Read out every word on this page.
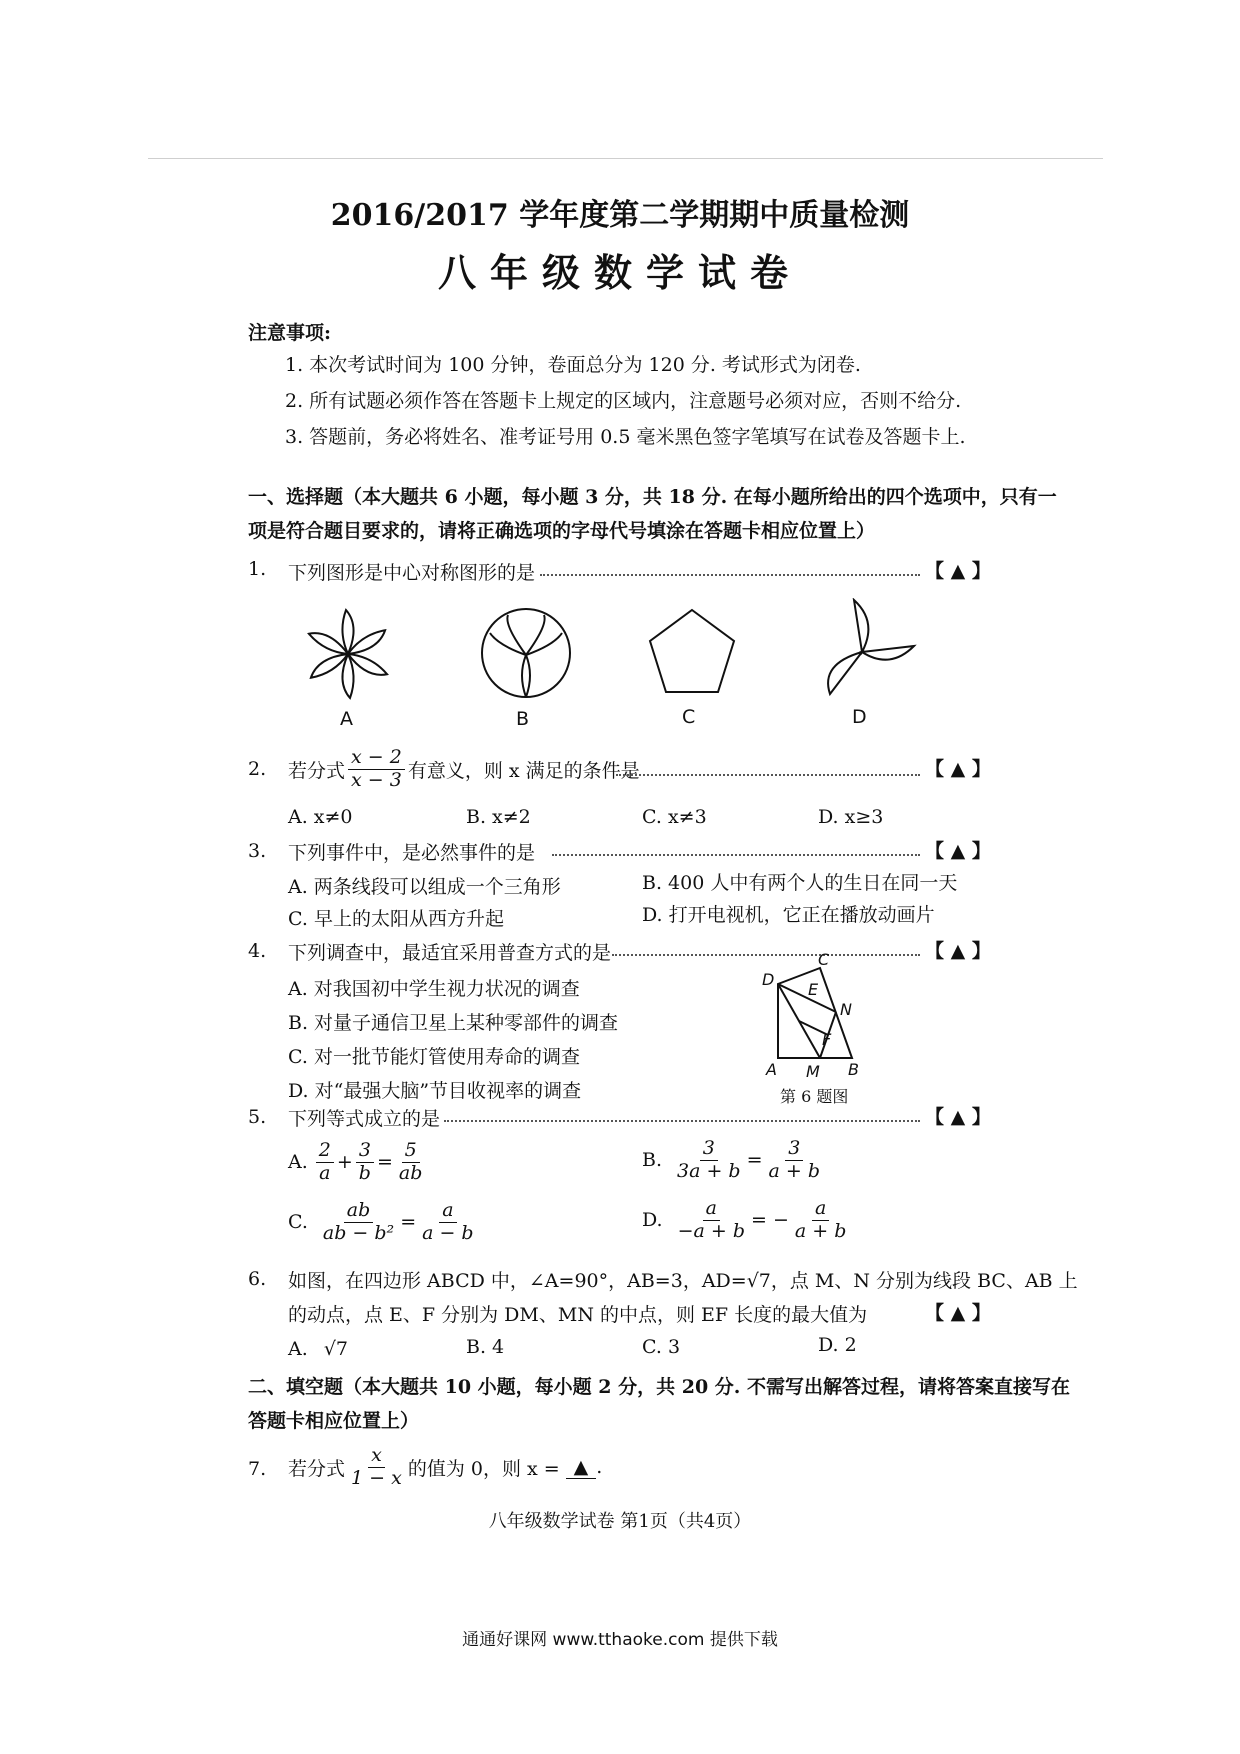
2016/2017 学年度第二学期期中质量检测
八年级数学试卷
注意事项:
1. 本次考试时间为 100 分钟，卷面总分为 120 分. 考试形式为闭卷.
2. 所有试题必须作答在答题卡上规定的区域内，注意题号必须对应，否则不给分.
3. 答题前，务必将姓名、准考证号用 0.5 毫米黑色签字笔填写在试卷及答题卡上.
一、选择题（本大题共 6 小题，每小题 3 分，共 18 分. 在每小题所给出的四个选项中，只有一
项是符合题目要求的，请将正确选项的字母代号填涂在答题卡相应位置上）
1. 下列图形是中心对称图形的是	【 ▲ 】
A	B	C	D
2. 若分式 $\frac{x - 2}{x - 3}$ 有意义，则 x 满足的条件是	【 ▲ 】
A. x≠0	B. x≠2	C. x≠3	D. x≥3
3. 下列事件中，是必然事件的是	【 ▲ 】
A. 两条线段可以组成一个三角形	B. 400 人中有两个人的生日在同一天
C. 早上的太阳从西方升起	D. 打开电视机，它正在播放动画片
4. 下列调查中，最适宜采用普查方式的是	【 ▲ 】
A. 对我国初中学生视力状况的调查
B. 对量子通信卫星上某种零部件的调查
C. 对一批节能灯管使用寿命的调查
D. 对“最强大脑”节目收视率的调查
C
D
E
N
F
A M B
第 6 题图
5. 下列等式成立的是	【 ▲ 】
A. $\frac{2}{a} + \frac{3}{b} = \frac{5}{ab}$	B. $\frac{3}{3a + b} = \frac{3}{a + b}$
C. $\frac{ab}{\text{ab − b²}} = \frac{a}{a - b}$	D. $\frac{a}{-a + b}$ = − $\frac{a}{a + b}$
6. 如图，在四边形 ABCD 中，∠A=90°，AB=3，AD=√7，点 M、N 分别为线段 BC、AB 上
的动点，点 E、F 分别为 DM、MN 的中点，则 EF 长度的最大值为	【 ▲ 】
A. √7	B. 4	C. 3	D. 2
二、填空题（本大题共 10 小题，每小题 2 分，共 20 分. 不需写出解答过程，请将答案直接写在
答题卡相应位置上）
7. 若分式 $\frac{x}{1 - x}$ 的值为 0，则 x = ▲ .
八年级数学试卷 第1页（共4页）
通通好课网 www.tthaoke.com 提供下载
